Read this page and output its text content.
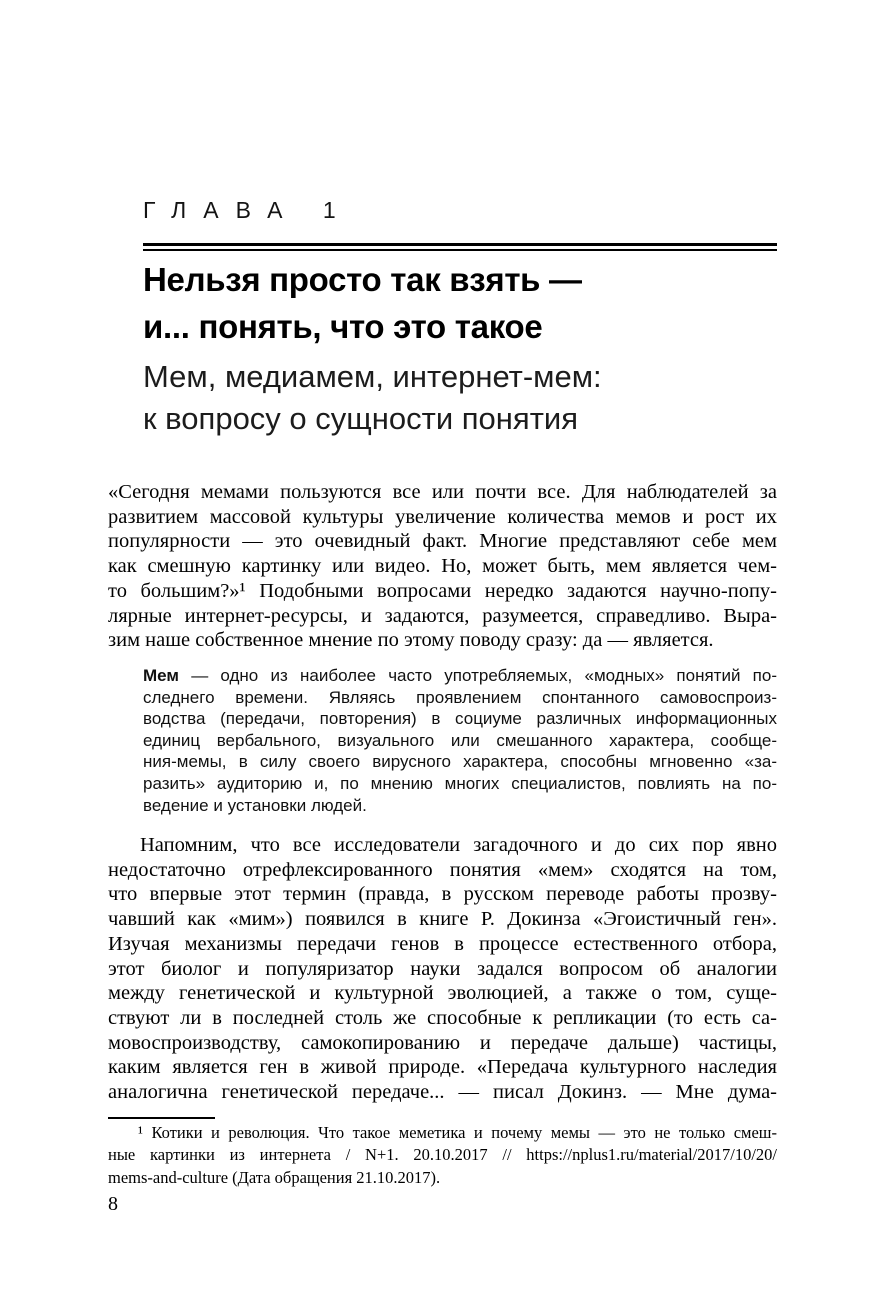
ГЛАВА 1
Нельзя просто так взять —
и... понять, что это такое
Мем, медиамем, интернет-мем:
к вопросу о сущности понятия
«Сегодня мемами пользуются все или почти все. Для наблюдателей за
развитием массовой культуры увеличение количества мемов и рост их
популярности — это очевидный факт. Многие представляют себе мем
как смешную картинку или видео. Но, может быть, мем является чем-
то большим?»¹ Подобными вопросами нередко задаются научно-попу-
лярные интернет-ресурсы, и задаются, разумеется, справедливо. Выра-
зим наше собственное мнение по этому поводу сразу: да — является.
Мем — одно из наиболее часто употребляемых, «модных» понятий по-
следнего времени. Являясь проявлением спонтанного самовоспроиз-
водства (передачи, повторения) в социуме различных информационных
единиц вербального, визуального или смешанного характера, сообще-
ния-мемы, в силу своего вирусного характера, способны мгновенно «за-
разить» аудиторию и, по мнению многих специалистов, повлиять на по-
ведение и установки людей.
Напомним, что все исследователи загадочного и до сих пор явно
недостаточно отрефлексированного понятия «мем» сходятся на том,
что впервые этот термин (правда, в русском переводе работы прозву-
чавший как «мим») появился в книге Р. Докинза «Эгоистичный ген».
Изучая механизмы передачи генов в процессе естественного отбора,
этот биолог и популяризатор науки задался вопросом об аналогии
между генетической и культурной эволюцией, а также о том, суще-
ствуют ли в последней столь же способные к репликации (то есть са-
мовоспроизводству, самокопированию и передаче дальше) частицы,
каким является ген в живой природе. «Передача культурного наследия
аналогична генетической передаче... — писал Докинз. — Мне дума-
¹ Котики и революция. Что такое меметика и почему мемы — это не только смеш-
ные картинки из интернета / N+1. 20.10.2017 // https://nplus1.ru/material/2017/10/20/
mems-and-culture (Дата обращения 21.10.2017).
8
